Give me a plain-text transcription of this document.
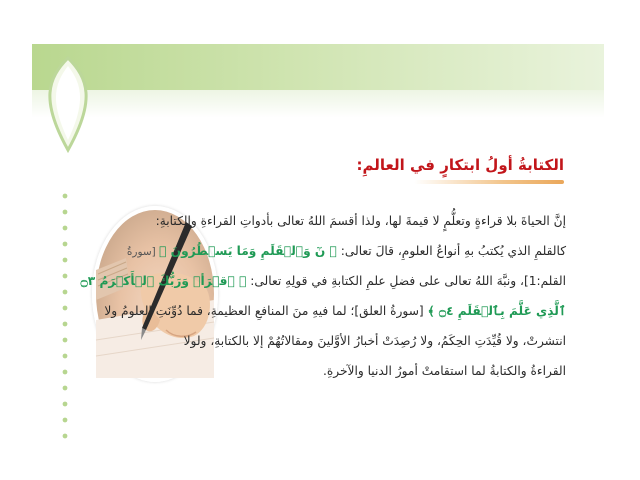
الكتابةُ أولُ ابتكارٍ في العالمِ:
إنَّ الحياةَ بلا قراءةٍ وتعلُّمٍ لا قيمةَ لها، ولذا أقسمَ اللهُ تعالى بأدواتِ القراءةِ والكتابةِ:
كالقلمِ الذي يُكتبُ بهِ أنواعُ العلومِ، قالَ تعالى: ﴿ نٓ وَٱلۡقَلَمِ وَمَا يَسۡطُرُونَ ﴾ [سورةُ
القلم:1]، ونبَّهَ اللهُ تعالى على فضلِ علمِ الكتابةِ في قولِهِ تعالى: ﴿ ٱقۡرَأۡ وَرَبُّكَ ٱلۡأَكۡرَمُ ۝٣
ٱلَّذِي عَلَّمَ بِٱلۡقَلَمِ ۝٤ ﴾ [سورةُ العلق]؛ لما فيهِ منَ المنافعِ العظيمةِ، فما دُوِّنَتِ العلومُ ولا
انتشرتْ، ولا قُيِّدَتِ الحِكَمُ، ولا رُصِدَتْ أخبارُ الأوَّلينَ ومقالاتُهُمْ إلا بالكتابةِ، ولولا
القراءةُ والكتابةُ لما استقامتْ أمورُ الدنيا والآخرةِ.
